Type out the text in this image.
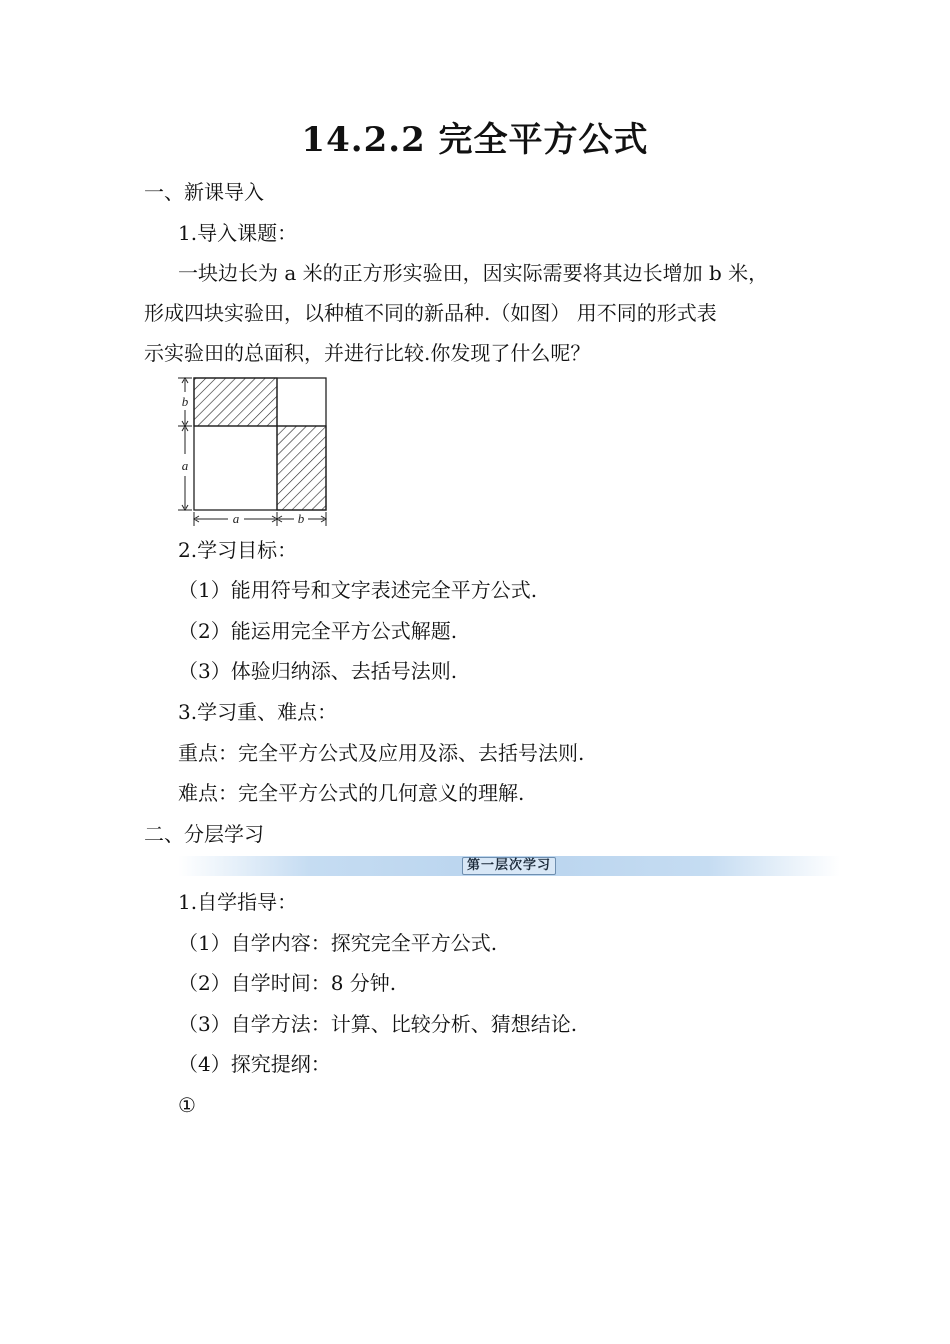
14.2.2 完全平方公式
一、新课导入
1.导入课题：
一块边长为 a 米的正方形实验田，因实际需要将其边长增加 b 米，
形成四块实验田，以种植不同的新品种.（如图） 用不同的形式表
示实验田的总面积，并进行比较.你发现了什么呢？
b
a
a	b
2.学习目标：
（1）能用符号和文字表述完全平方公式.
（2）能运用完全平方公式解题.
（3）体验归纳添、去括号法则.
3.学习重、难点：
重点：完全平方公式及应用及添、去括号法则.
难点：完全平方公式的几何意义的理解.
二、分层学习
第一层次学习
1.自学指导：
（1）自学内容：探究完全平方公式.
（2）自学时间：8 分钟.
（3）自学方法：计算、比较分析、猜想结论.
（4）探究提纲：
①
